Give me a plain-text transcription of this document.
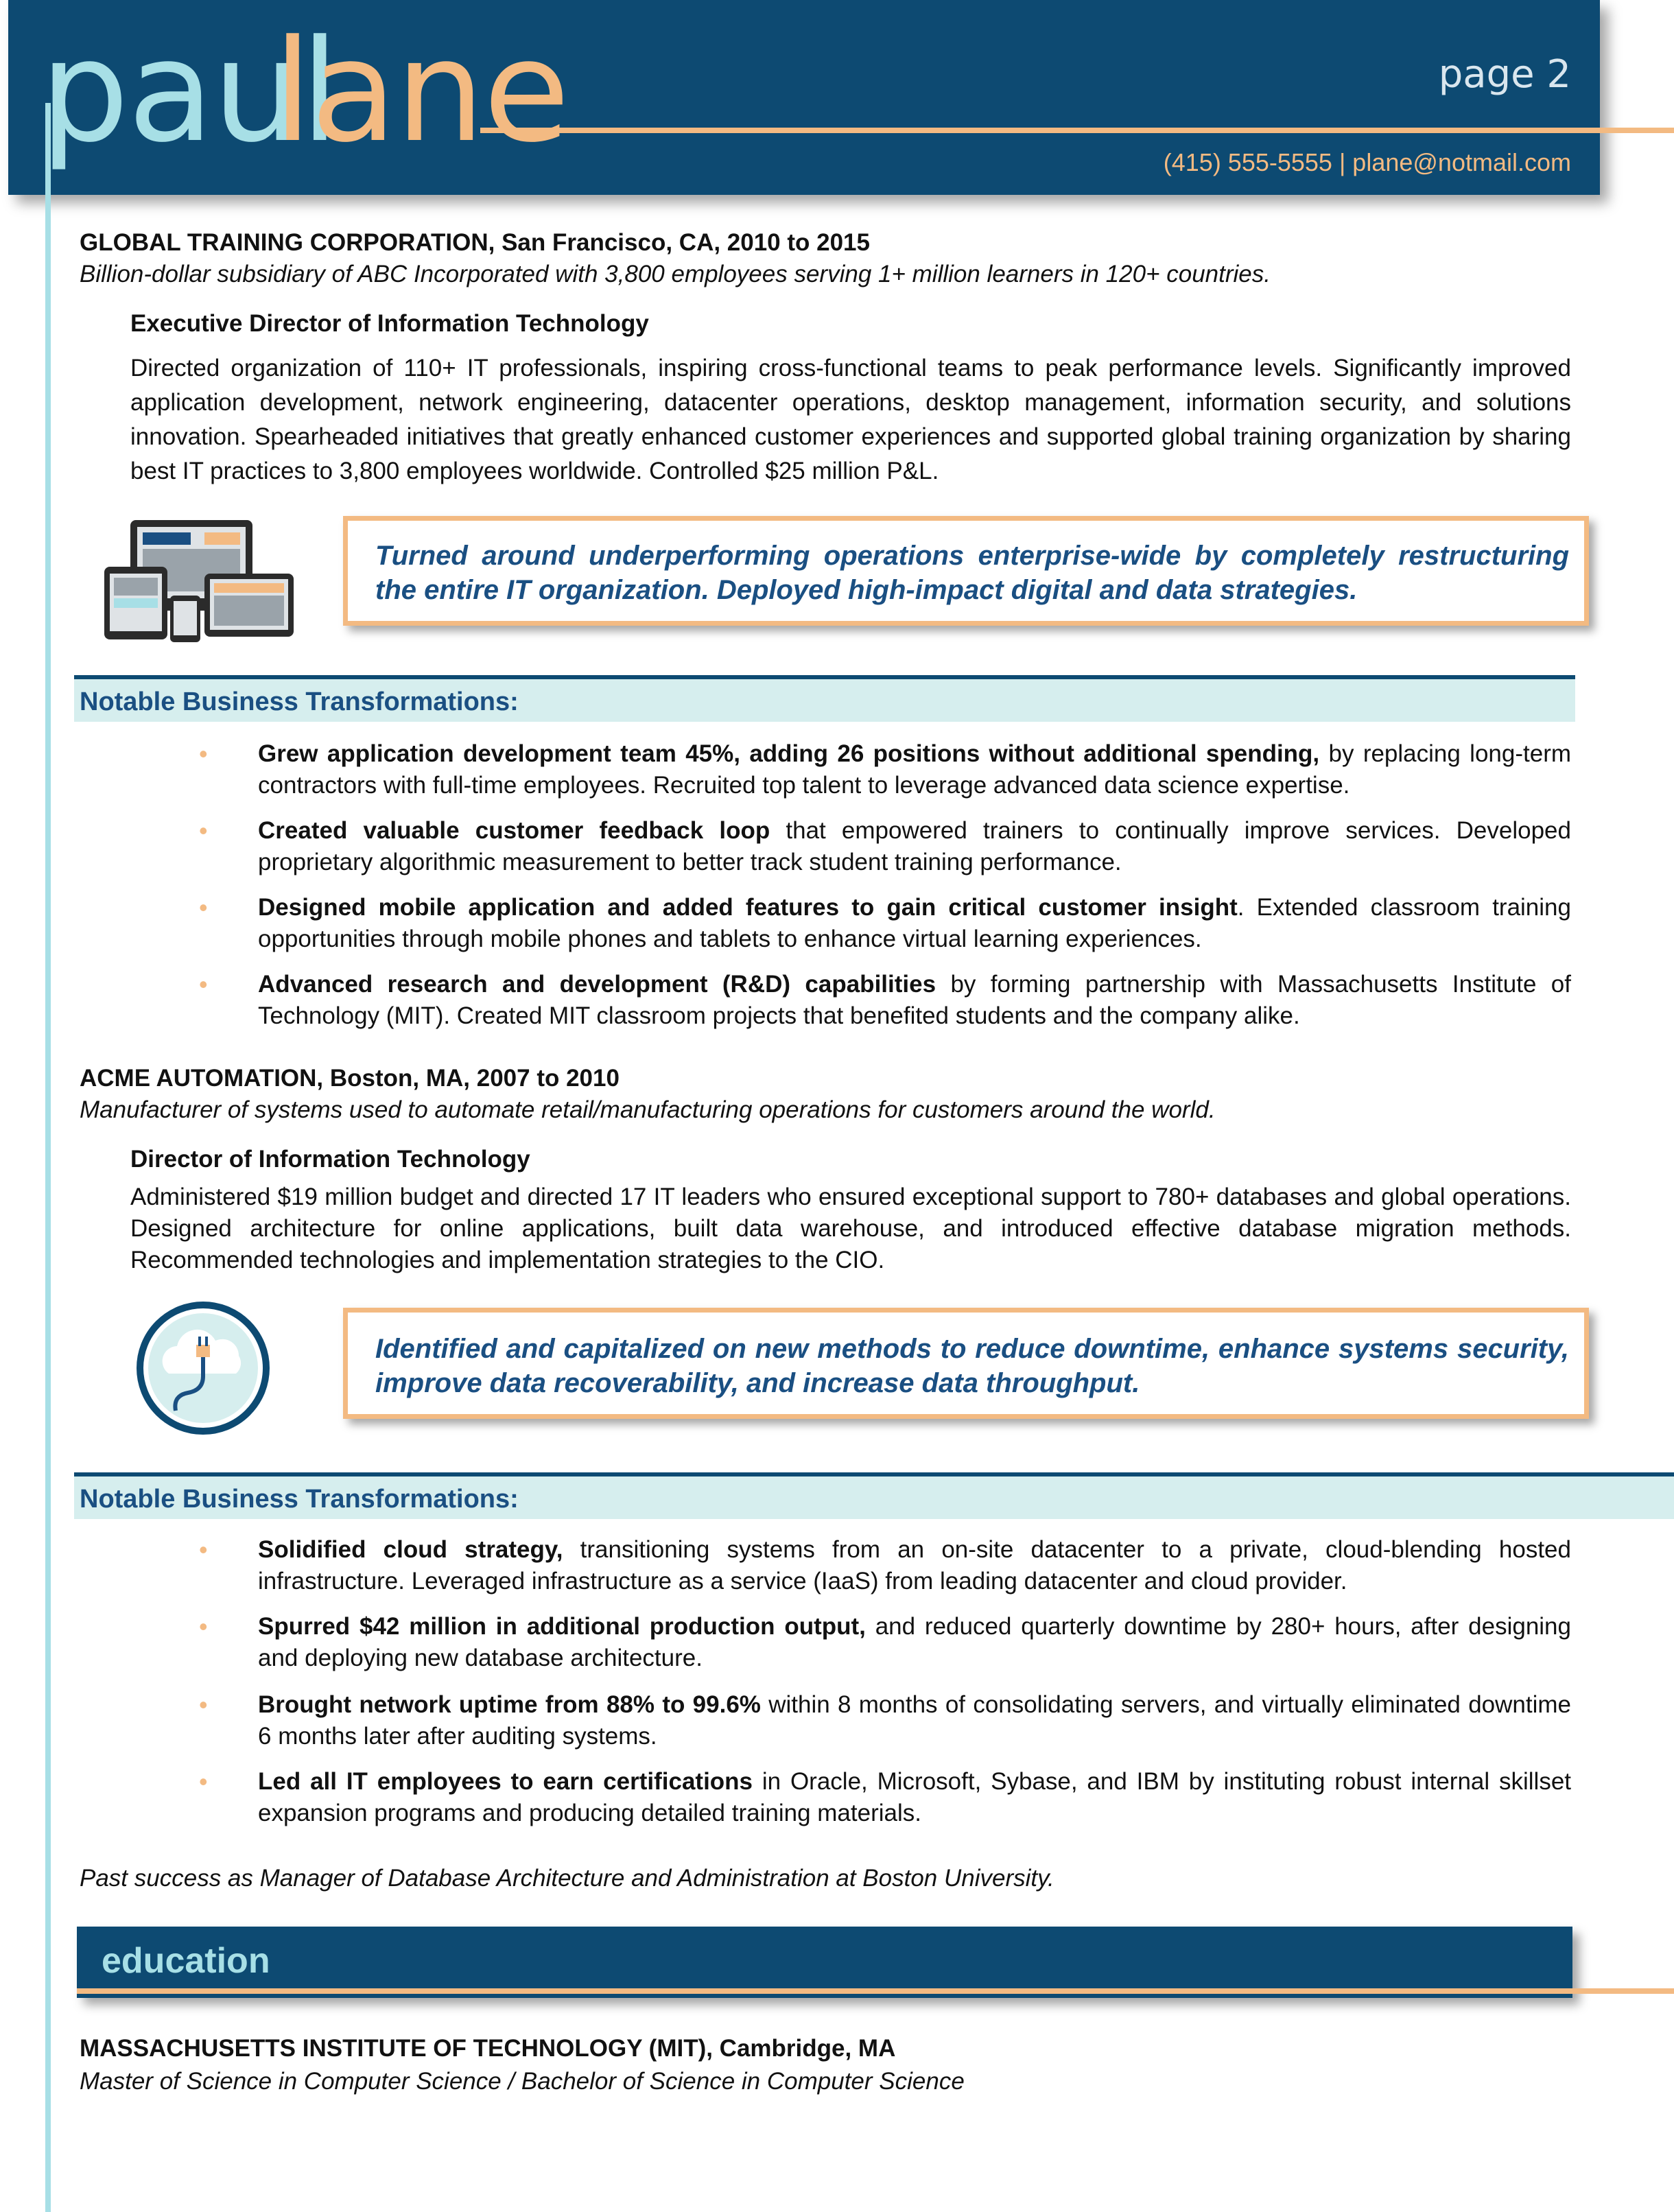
paul
lane	page 2
(415) 555-5555 | plane@notmail.com
GLOBAL TRAINING CORPORATION, San Francisco, CA, 2010 to 2015
Billion-dollar subsidiary of ABC Incorporated with 3,800 employees serving 1+ million learners in 120+ countries.
Executive Director of Information Technology
Directed organization of 110+ IT professionals, inspiring cross-functional teams to peak performance levels. Significantly improved application development, network engineering, datacenter operations, desktop management, information security, and solutions innovation. Spearheaded initiatives that greatly enhanced customer experiences and supported global training organization by sharing best IT practices to 3,800 employees worldwide. Controlled $25 million P&L.
Turned around underperforming operations enterprise-wide by completely restructuring the entire IT organization. Deployed high-impact digital and data strategies.
Notable Business Transformations:
• Grew application development team 45%, adding 26 positions without additional spending, by replacing long-term contractors with full-time employees. Recruited top talent to leverage advanced data science expertise.
• Created valuable customer feedback loop that empowered trainers to continually improve services. Developed proprietary algorithmic measurement to better track student training performance.
• Designed mobile application and added features to gain critical customer insight. Extended classroom training opportunities through mobile phones and tablets to enhance virtual learning experiences.
• Advanced research and development (R&D) capabilities by forming partnership with Massachusetts Institute of Technology (MIT). Created MIT classroom projects that benefited students and the company alike.
ACME AUTOMATION, Boston, MA, 2007 to 2010
Manufacturer of systems used to automate retail/manufacturing operations for customers around the world.
Director of Information Technology
Administered $19 million budget and directed 17 IT leaders who ensured exceptional support to 780+ databases and global operations. Designed architecture for online applications, built data warehouse, and introduced effective database migration methods. Recommended technologies and implementation strategies to the CIO.
Identified and capitalized on new methods to reduce downtime, enhance systems security, improve data recoverability, and increase data throughput.
Notable Business Transformations:
• Solidified cloud strategy, transitioning systems from an on-site datacenter to a private, cloud-blending hosted infrastructure. Leveraged infrastructure as a service (IaaS) from leading datacenter and cloud provider.
• Spurred $42 million in additional production output, and reduced quarterly downtime by 280+ hours, after designing and deploying new database architecture.
• Brought network uptime from 88% to 99.6% within 8 months of consolidating servers, and virtually eliminated downtime 6 months later after auditing systems.
• Led all IT employees to earn certifications in Oracle, Microsoft, Sybase, and IBM by instituting robust internal skillset expansion programs and producing detailed training materials.
Past success as Manager of Database Architecture and Administration at Boston University.
education
MASSACHUSETTS INSTITUTE OF TECHNOLOGY (MIT), Cambridge, MA
Master of Science in Computer Science / Bachelor of Science in Computer Science
